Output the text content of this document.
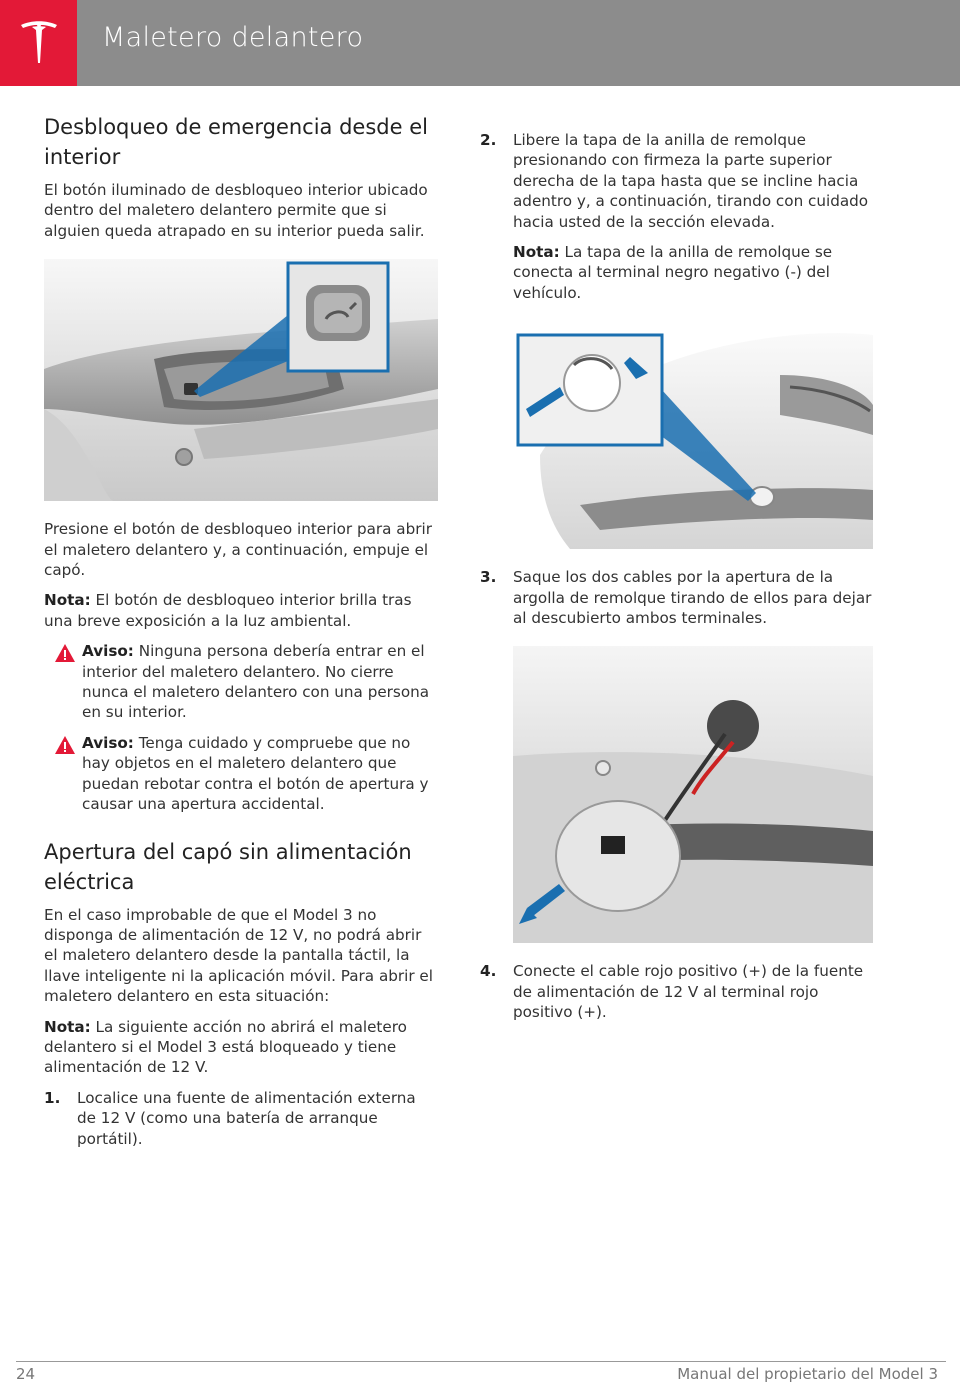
Maletero delantero
Desbloqueo de emergencia desde el interior

El botón iluminado de desbloqueo interior ubicado dentro del maletero delantero permite que si alguien queda atrapado en su interior pueda salir.

Presione el botón de desbloqueo interior para abrir el maletero delantero y, a continuación, empuje el capó.

Nota: El botón de desbloqueo interior brilla tras una breve exposición a la luz ambiental.

Aviso: Ninguna persona debería entrar en el interior del maletero delantero. No cierre nunca el maletero delantero con una persona en su interior.

Aviso: Tenga cuidado y compruebe que no hay objetos en el maletero delantero que puedan rebotar contra el botón de apertura y causar una apertura accidental.

Apertura del capó sin alimentación eléctrica

En el caso improbable de que el Model 3 no disponga de alimentación de 12 V, no podrá abrir el maletero delantero desde la pantalla táctil, la llave inteligente ni la aplicación móvil. Para abrir el maletero delantero en esta situación:

Nota: La siguiente acción no abrirá el maletero delantero si el Model 3 está bloqueado y tiene alimentación de 12 V.

1. Localice una fuente de alimentación externa de 12 V (como una batería de arranque portátil).

2. Libere la tapa de la anilla de remolque presionando con firmeza la parte superior derecha de la tapa hasta que se incline hacia adentro y, a continuación, tirando con cuidado hacia usted de la sección elevada.

Nota: La tapa de la anilla de remolque se conecta al terminal negro negativo (-) del vehículo.

3. Saque los dos cables por la apertura de la argolla de remolque tirando de ellos para dejar al descubierto ambos terminales.

4. Conecte el cable rojo positivo (+) de la fuente de alimentación de 12 V al terminal rojo positivo (+).

24	Manual del propietario del Model 3
